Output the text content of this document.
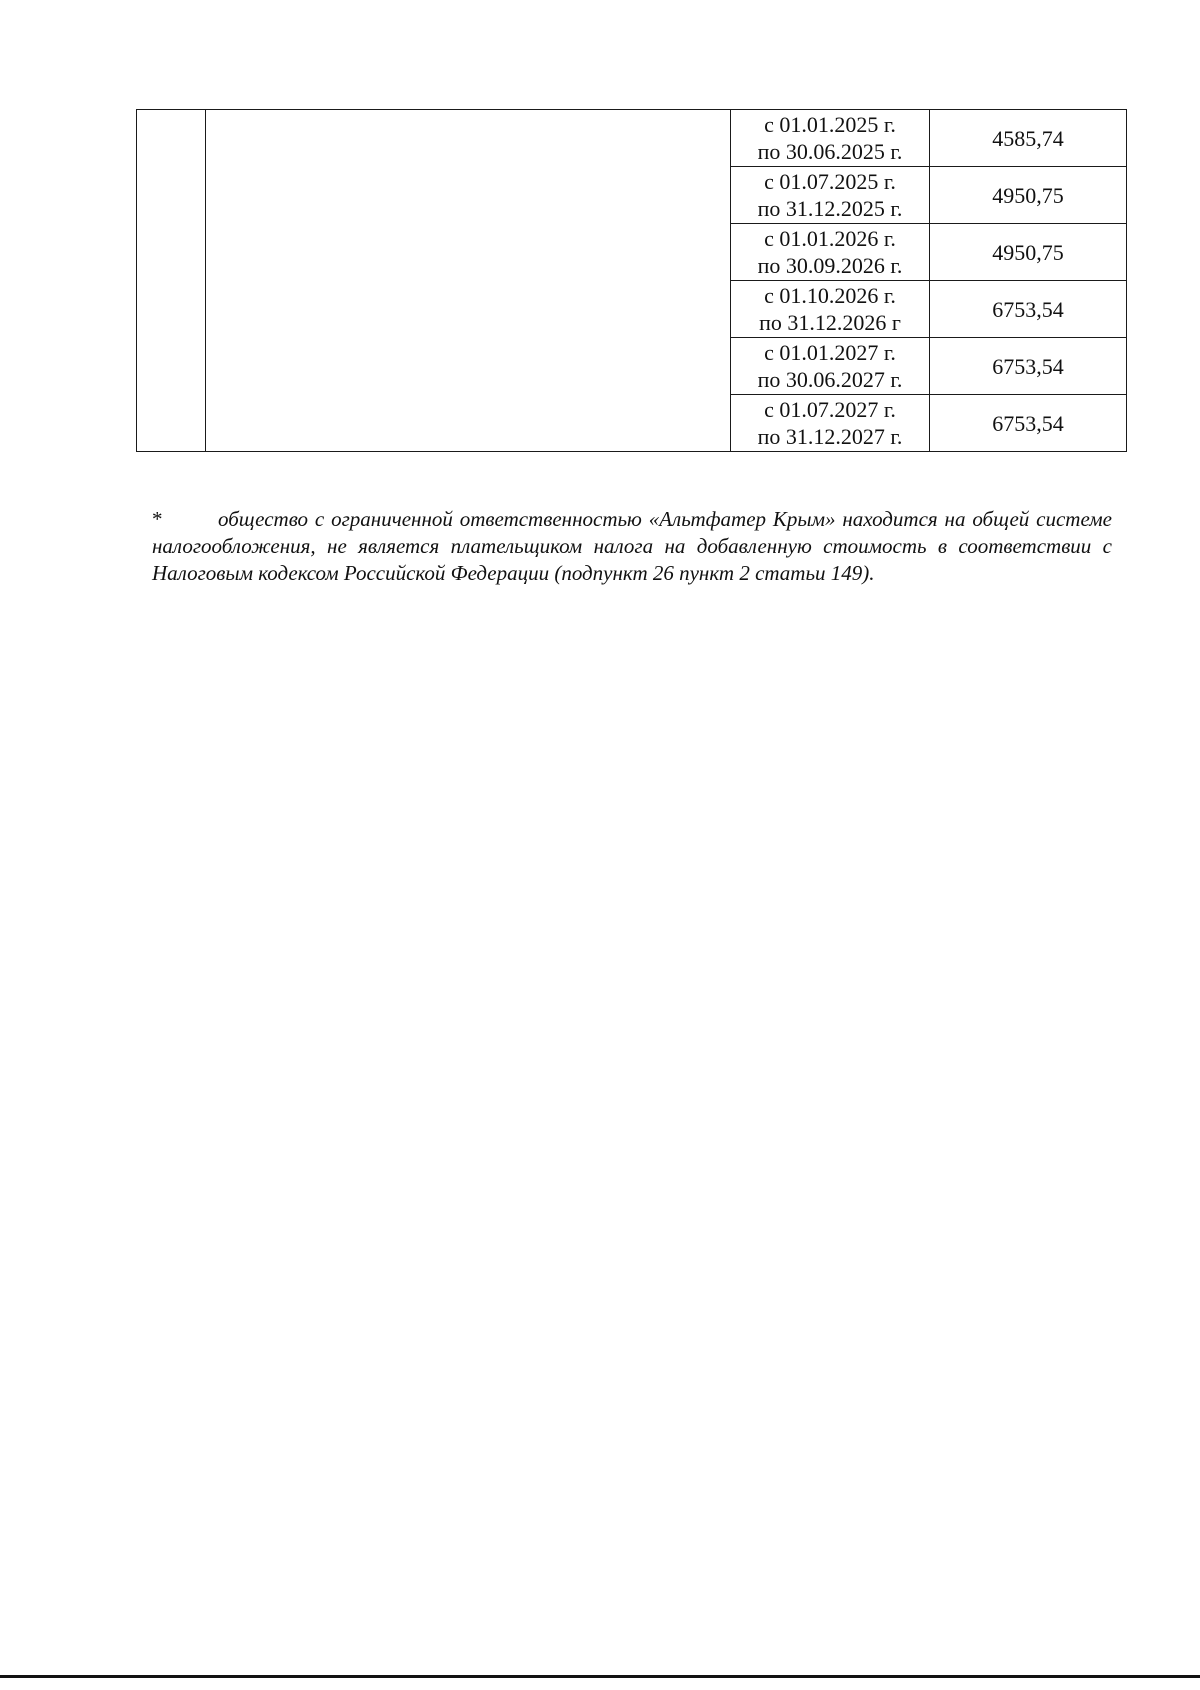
		с 01.01.2025 г.
по 30.06.2025 г.	4585,74

		с 01.07.2025 г.
по 31.12.2025 г.	4950,75

		с 01.01.2026 г.
по 30.09.2026 г.	4950,75

		с 01.10.2026 г.
по 31.12.2026 г	6753,54

		с 01.01.2027 г.
по 30.06.2027 г.	6753,54

		с 01.07.2027 г.
по 31.12.2027 г.	6753,54

*	общество с ограниченной ответственностью «Альтфатер Крым» находится на общей системе налогообложения, не является плательщиком налога на добавленную стоимость в соответствии с Налоговым кодексом Российской Федерации (подпункт 26 пункт 2 статьи 149).
